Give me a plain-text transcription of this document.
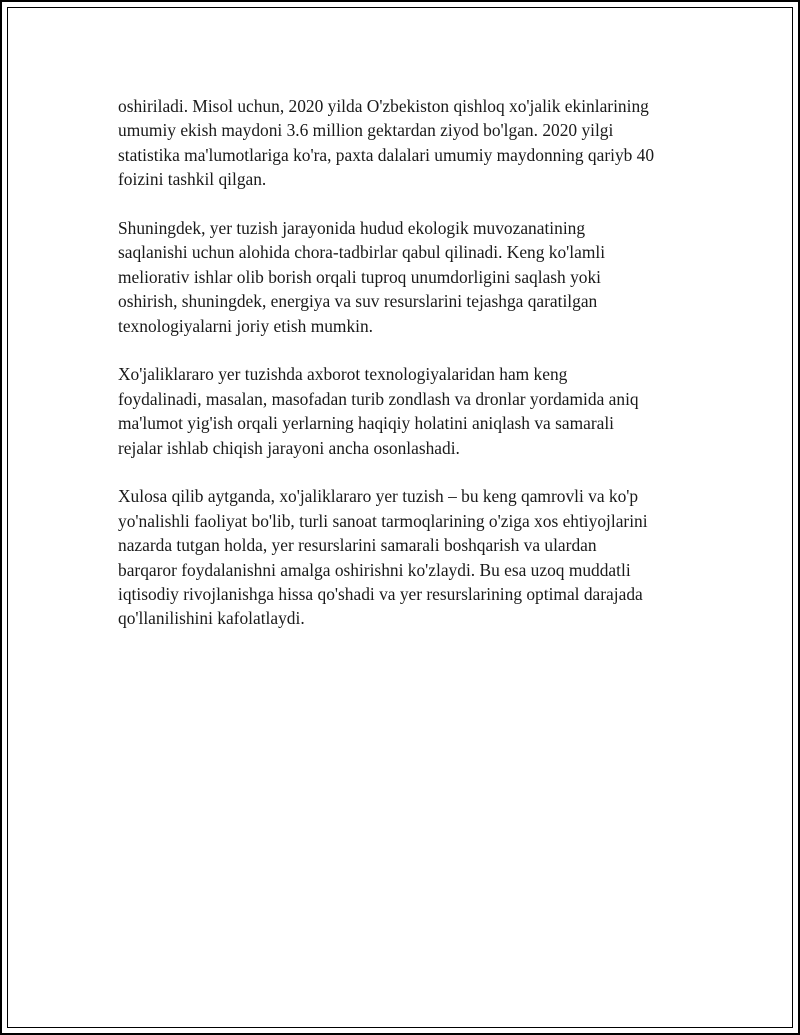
oshiriladi. Misol uchun, 2020 yilda O'zbekiston qishloq xo'jalik ekinlarining
umumiy ekish maydoni 3.6 million gektardan ziyod bo'lgan. 2020 yilgi
statistika ma'lumotlariga ko'ra, paxta dalalari umumiy maydonning qariyb 40
foizini tashkil qilgan.

Shuningdek, yer tuzish jarayonida hudud ekologik muvozanatining
saqlanishi uchun alohida chora-tadbirlar qabul qilinadi. Keng ko'lamli
meliorativ ishlar olib borish orqali tuproq unumdorligini saqlash yoki
oshirish, shuningdek, energiya va suv resurslarini tejashga qaratilgan
texnologiyalarni joriy etish mumkin.

Xo'jaliklararo yer tuzishda axborot texnologiyalaridan ham keng
foydalinadi, masalan, masofadan turib zondlash va dronlar yordamida aniq
ma'lumot yig'ish orqali yerlarning haqiqiy holatini aniqlash va samarali
rejalar ishlab chiqish jarayoni ancha osonlashadi.

Xulosa qilib aytganda, xo'jaliklararo yer tuzish – bu keng qamrovli va ko'p
yo'nalishli faoliyat bo'lib, turli sanoat tarmoqlarining o'ziga xos ehtiyojlarini
nazarda tutgan holda, yer resurslarini samarali boshqarish va ulardan
barqaror foydalanishni amalga oshirishni ko'zlaydi. Bu esa uzoq muddatli
iqtisodiy rivojlanishga hissa qo'shadi va yer resurslarining optimal darajada
qo'llanilishini kafolatlaydi.
